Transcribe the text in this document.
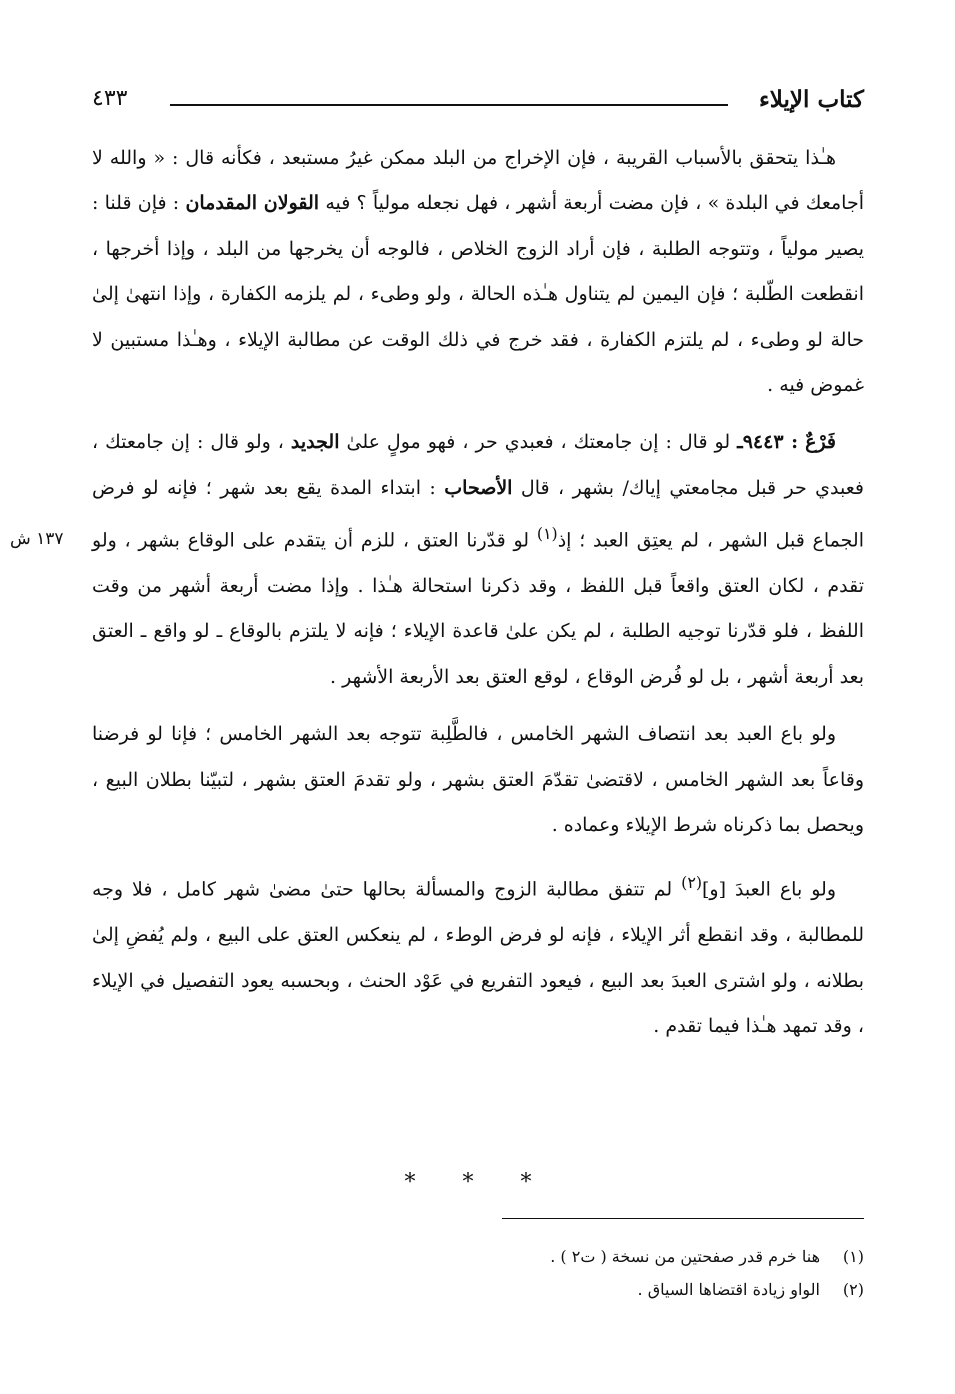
كتاب الإيلاء
٤٣٣
١٣٧ ش

هـٰذا يتحقق بالأسباب القريبة ، فإن الإخراج من البلد ممكن غيرُ مستبعد ، فكأنه قال : « والله لا أجامعك في البلدة » ، فإن مضت أربعة أشهر ، فهل نجعله مولياً ؟ فيه القولان المقدمان : فإن قلنا : يصير مولياً ، وتتوجه الطلبة ، فإن أراد الزوج الخلاص ، فالوجه أن يخرجها من البلد ، وإذا أخرجها ، انقطعت الطّلبة ؛ فإن اليمين لم يتناول هـٰذه الحالة ، ولو وطىء ، لم يلزمه الكفارة ، وإذا انتهىٰ إلىٰ حالة لو وطىء ، لم يلتزم الكفارة ، فقد خرج في ذلك الوقت عن مطالبة الإيلاء ، وهـٰذا مستبين لا غموض فيه .

فَرْعٌ : ٩٤٤٣ـ لو قال : إن جامعتك ، فعبدي حر ، فهو مولٍ علىٰ الجديد ، ولو قال : إن جامعتك ، فعبدي حر قبل مجامعتي إياك/ بشهر ، قال الأصحاب : ابتداء المدة يقع بعد شهر ؛ فإنه لو فرض الجماع قبل الشهر ، لم يعتِق العبد ؛ إذ$^{(١)}$ لو قدّرنا العتق ، للزم أن يتقدم على الوقاع بشهر ، ولو تقدم ، لكان العتق واقعاً قبل اللفظ ، وقد ذكرنا استحالة هـٰذا . وإذا مضت أربعة أشهر من وقت اللفظ ، فلو قدّرنا توجيه الطلبة ، لم يكن علىٰ قاعدة الإيلاء ؛ فإنه لا يلتزم بالوقاع ـ لو واقع ـ العتق بعد أربعة أشهر ، بل لو فُرض الوقاع ، لوقع العتق بعد الأربعة الأشهر .

ولو باع العبد بعد انتصاف الشهر الخامس ، فالطَّلِبة تتوجه بعد الشهر الخامس ؛ فإنا لو فرضنا وقاعاً بعد الشهر الخامس ، لاقتضىٰ تقدّمَ العتق بشهر ، ولو تقدمَ العتق بشهر ، لتبيّنا بطلان البيع ، ويحصل بما ذكرناه شرط الإيلاء وعماده .

ولو باع العبدَ [و]$^{(٢)}$ لم تتفق مطالبة الزوج والمسألة بحالها حتىٰ مضىٰ شهر كامل ، فلا وجه للمطالبة ، وقد انقطع أثر الإيلاء ، فإنه لو فرض الوطء ، لم ينعكس العتق على البيع ، ولم يُفضِ إلىٰ بطلانه ، ولو اشترى العبدَ بعد البيع ، فيعود التفريع في عَوْد الحنث ، وبحسبه يعود التفصيل في الإيلاء ، وقد تمهد هـٰذا فيما تقدم .

* * *

(١)هنا خرم قدر صفحتين من نسخة ( ت٢ ) .

(٢)الواو زيادة اقتضاها السياق .
